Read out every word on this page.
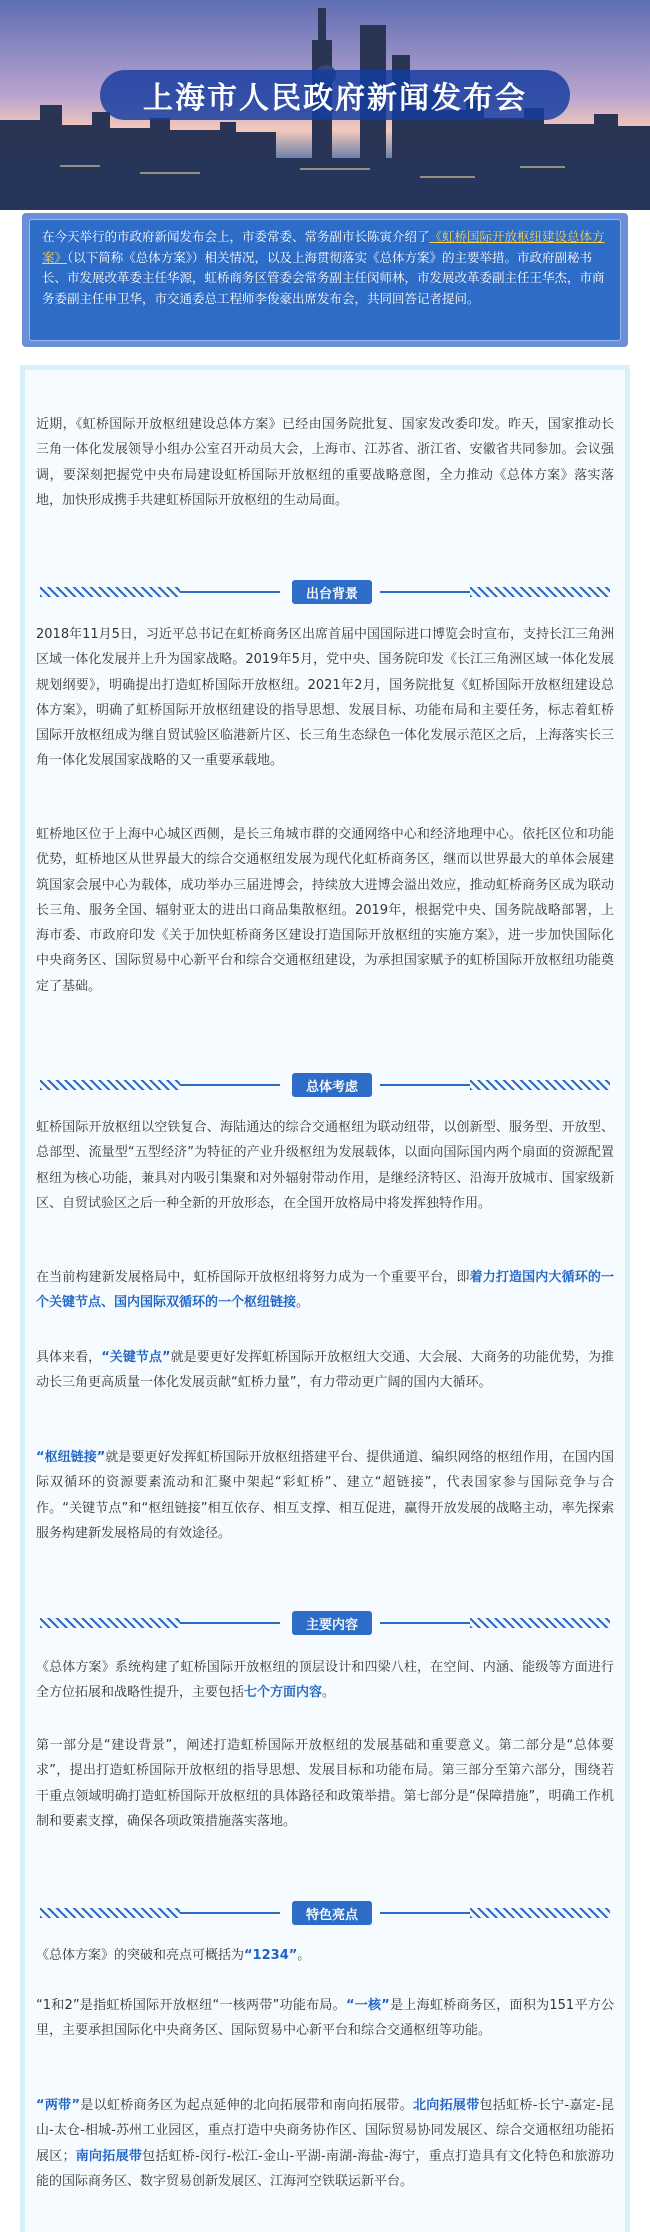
上海市人民政府新闻发布会
在今天举行的市政府新闻发布会上，市委常委、常务副市长陈寅介绍了《虹桥国际开放枢纽建设总体方案》（以下简称《总体方案》）相关情况，以及上海贯彻落实《总体方案》的主要举措。市政府副秘书长、市发展改革委主任华源，虹桥商务区管委会常务副主任闵师林，市发展改革委副主任王华杰，市商务委副主任申卫华，市交通委总工程师李俊豪出席发布会，共同回答记者提问。
近期，《虹桥国际开放枢纽建设总体方案》已经由国务院批复、国家发改委印发。昨天，国家推动长三角一体化发展领导小组办公室召开动员大会，上海市、江苏省、浙江省、安徽省共同参加。会议强调，要深刻把握党中央布局建设虹桥国际开放枢纽的重要战略意图，全力推动《总体方案》落实落地，加快形成携手共建虹桥国际开放枢纽的生动局面。
出台背景
2018年11月5日，习近平总书记在虹桥商务区出席首届中国国际进口博览会时宣布，支持长江三角洲区域一体化发展并上升为国家战略。2019年5月，党中央、国务院印发《长江三角洲区域一体化发展规划纲要》，明确提出打造虹桥国际开放枢纽。2021年2月，国务院批复《虹桥国际开放枢纽建设总体方案》，明确了虹桥国际开放枢纽建设的指导思想、发展目标、功能布局和主要任务，标志着虹桥国际开放枢纽成为继自贸试验区临港新片区、长三角生态绿色一体化发展示范区之后，上海落实长三角一体化发展国家战略的又一重要承载地。
虹桥地区位于上海中心城区西侧，是长三角城市群的交通网络中心和经济地理中心。依托区位和功能优势，虹桥地区从世界最大的综合交通枢纽发展为现代化虹桥商务区，继而以世界最大的单体会展建筑国家会展中心为载体，成功举办三届进博会，持续放大进博会溢出效应，推动虹桥商务区成为联动长三角、服务全国、辐射亚太的进出口商品集散枢纽。2019年，根据党中央、国务院战略部署，上海市委、市政府印发《关于加快虹桥商务区建设打造国际开放枢纽的实施方案》，进一步加快国际化中央商务区、国际贸易中心新平台和综合交通枢纽建设，为承担国家赋予的虹桥国际开放枢纽功能奠定了基础。
总体考虑
虹桥国际开放枢纽以空铁复合、海陆通达的综合交通枢纽为联动纽带，以创新型、服务型、开放型、总部型、流量型“五型经济”为特征的产业升级枢纽为发展载体，以面向国际国内两个扇面的资源配置枢纽为核心功能，兼具对内吸引集聚和对外辐射带动作用，是继经济特区、沿海开放城市、国家级新区、自贸试验区之后一种全新的开放形态，在全国开放格局中将发挥独特作用。
在当前构建新发展格局中，虹桥国际开放枢纽将努力成为一个重要平台，即着力打造国内大循环的一个关键节点、国内国际双循环的一个枢纽链接。
具体来看，“关键节点”就是要更好发挥虹桥国际开放枢纽大交通、大会展、大商务的功能优势，为推动长三角更高质量一体化发展贡献“虹桥力量”，有力带动更广阔的国内大循环。
“枢纽链接”就是要更好发挥虹桥国际开放枢纽搭建平台、提供通道、编织网络的枢纽作用，在国内国际双循环的资源要素流动和汇聚中架起“彩虹桥”、建立“超链接”，代表国家参与国际竞争与合作。“关键节点”和“枢纽链接”相互依存、相互支撑、相互促进，赢得开放发展的战略主动，率先探索服务构建新发展格局的有效途径。
主要内容
《总体方案》系统构建了虹桥国际开放枢纽的顶层设计和四梁八柱，在空间、内涵、能级等方面进行全方位拓展和战略性提升，主要包括七个方面内容。
第一部分是“建设背景”，阐述打造虹桥国际开放枢纽的发展基础和重要意义。第二部分是“总体要求”，提出打造虹桥国际开放枢纽的指导思想、发展目标和功能布局。第三部分至第六部分，围绕若干重点领域明确打造虹桥国际开放枢纽的具体路径和政策举措。第七部分是“保障措施”，明确工作机制和要素支撑，确保各项政策措施落实落地。
特色亮点
《总体方案》的突破和亮点可概括为“1234”。
“1和2”是指虹桥国际开放枢纽“一核两带”功能布局。“一核”是上海虹桥商务区，面积为151平方公里，主要承担国际化中央商务区、国际贸易中心新平台和综合交通枢纽等功能。
“两带”是以虹桥商务区为起点延伸的北向拓展带和南向拓展带。北向拓展带包括虹桥-长宁-嘉定-昆山-太仓-相城-苏州工业园区，重点打造中央商务协作区、国际贸易协同发展区、综合交通枢纽功能拓展区；南向拓展带包括虹桥-闵行-松江-金山-平湖-南湖-海盐-海宁，重点打造具有文化特色和旅游功能的国际商务区、数字贸易创新发展区、江海河空铁联运新平台。
